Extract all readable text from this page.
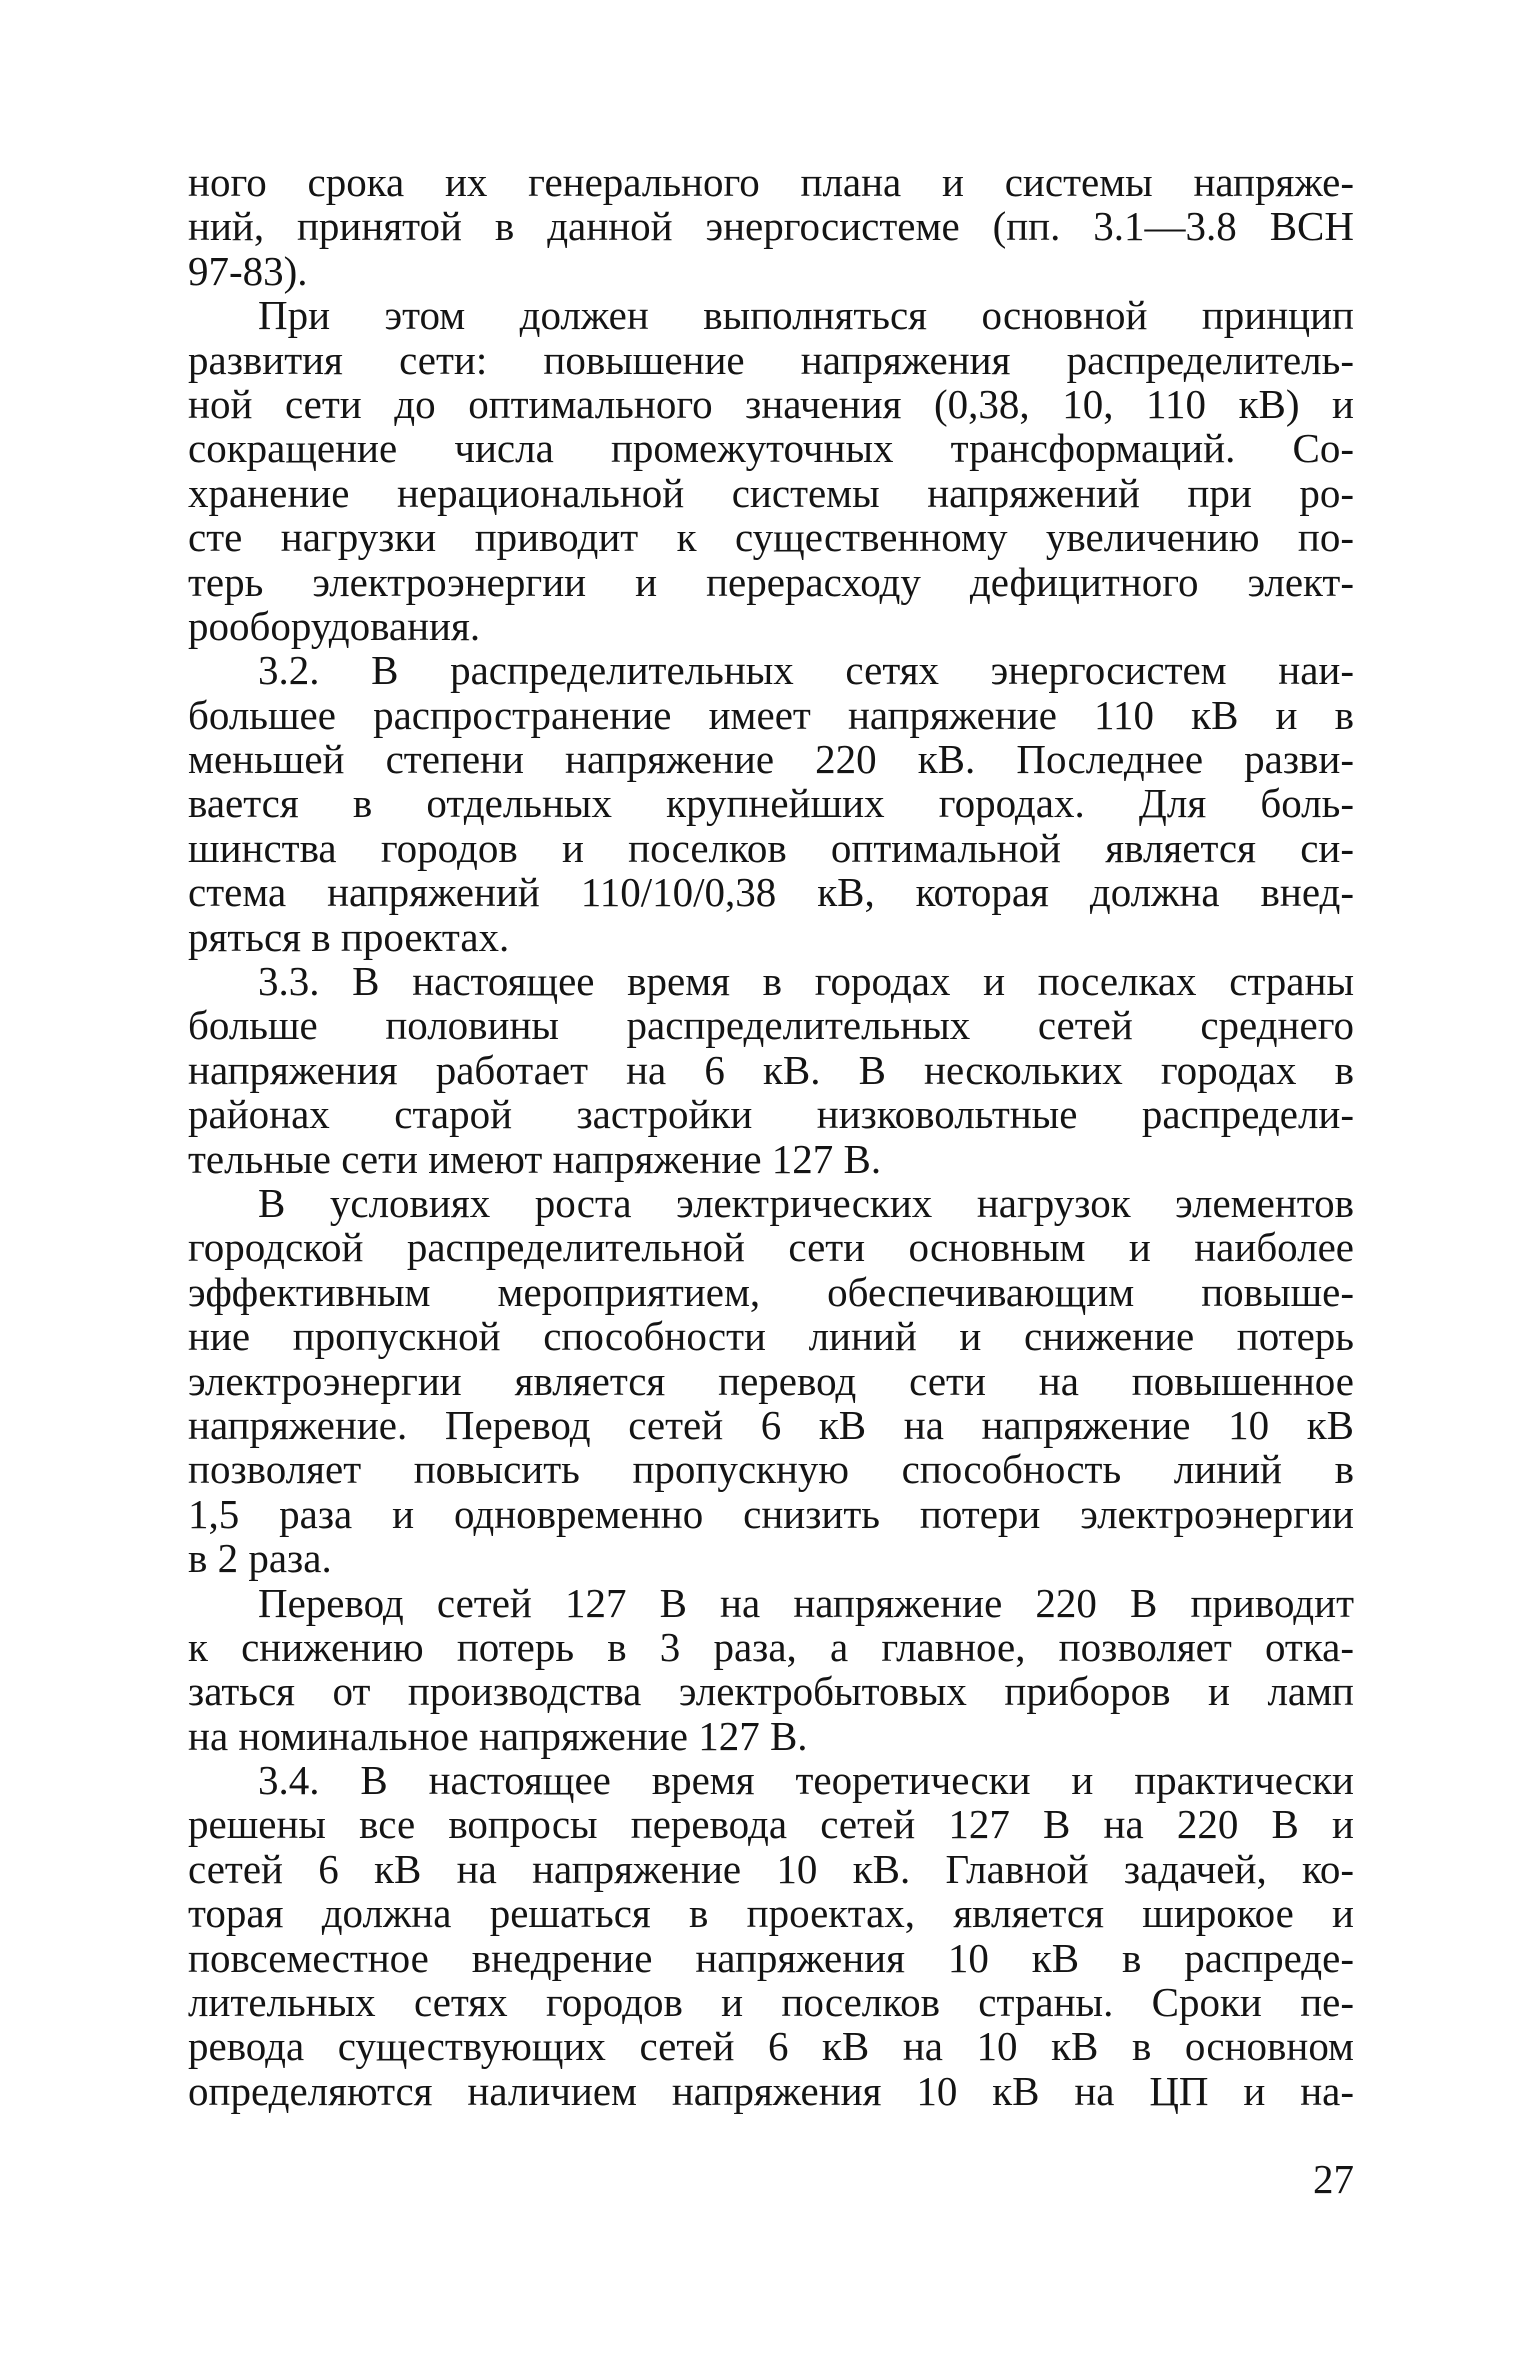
ного срока их генерального плана и системы напряже-
ний, принятой в данной энергосистеме (пп. 3.1—3.8 ВСН
97-83).
При этом должен выполняться основной принцип
развития сети: повышение напряжения распределитель-
ной сети до оптимального значения (0,38, 10, 110 кВ) и
сокращение числа промежуточных трансформаций. Со-
хранение нерациональной системы напряжений при ро-
сте нагрузки приводит к существенному увеличению по-
терь электроэнергии и перерасходу дефицитного элект-
рооборудования.
3.2. В распределительных сетях энергосистем наи-
большее распространение имеет напряжение 110 кВ и в
меньшей степени напряжение 220 кВ. Последнее разви-
вается в отдельных крупнейших городах. Для боль-
шинства городов и поселков оптимальной является си-
стема напряжений 110/10/0,38 кВ, которая должна внед-
ряться в проектах.
3.3. В настоящее время в городах и поселках страны
больше половины распределительных сетей среднего
напряжения работает на 6 кВ. В нескольких городах в
районах старой застройки низковольтные распредели-
тельные сети имеют напряжение 127 В.
В условиях роста электрических нагрузок элементов
городской распределительной сети основным и наиболее
эффективным мероприятием, обеспечивающим повыше-
ние пропускной способности линий и снижение потерь
электроэнергии является перевод сети на повышенное
напряжение. Перевод сетей 6 кВ на напряжение 10 кВ
позволяет повысить пропускную способность линий в
1,5 раза и одновременно снизить потери электроэнергии
в 2 раза.
Перевод сетей 127 В на напряжение 220 В приводит
к снижению потерь в 3 раза, а главное, позволяет отка-
заться от производства электробытовых приборов и ламп
на номинальное напряжение 127 В.
3.4. В настоящее время теоретически и практически
решены все вопросы перевода сетей 127 В на 220 В и
сетей 6 кВ на напряжение 10 кВ. Главной задачей, ко-
торая должна решаться в проектах, является широкое и
повсеместное внедрение напряжения 10 кВ в распреде-
лительных сетях городов и поселков страны. Сроки пе-
ревода существующих сетей 6 кВ на 10 кВ в основном
определяются наличием напряжения 10 кВ на ЦП и на-
27
